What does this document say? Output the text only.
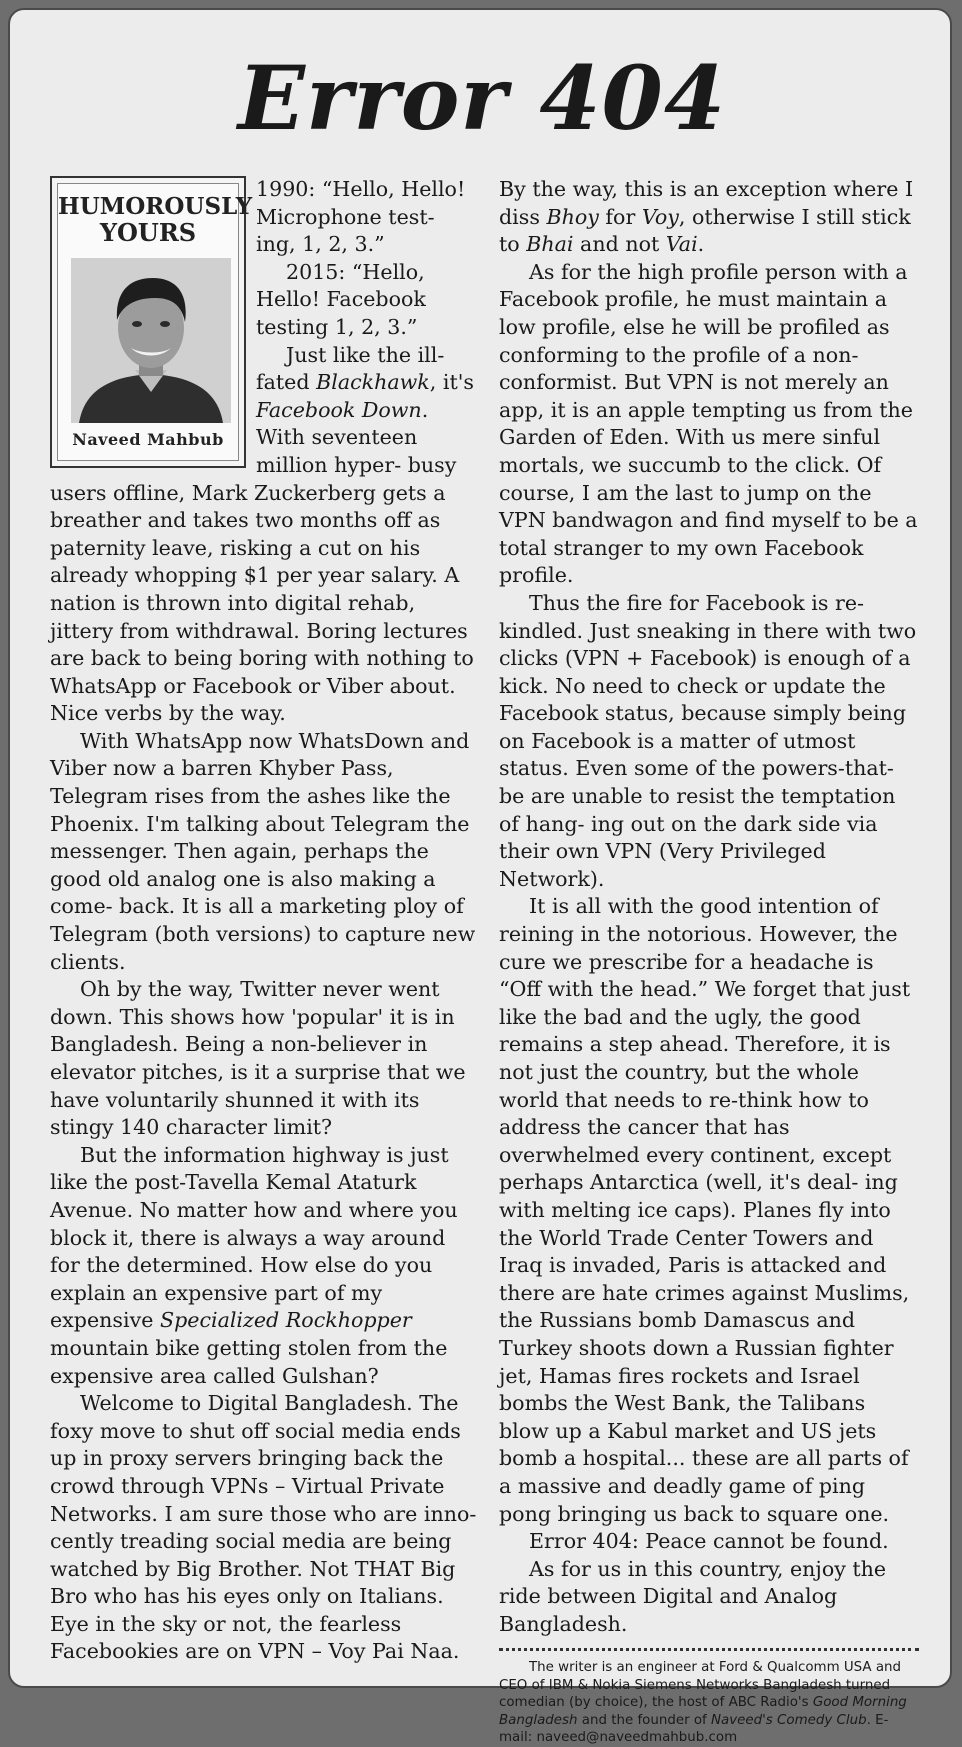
Error 404
HUMOROUSLY
YOURS
Naveed Mahbub

1990: “Hello, Hello! Microphone test- ing, 1, 2, 3.”

2015: “Hello, Hello! Facebook testing 1, 2, 3.”

Just like the ill- fated Blackhawk, it's Facebook Down. With seventeen million hyper- busy users offline, Mark Zuckerberg gets a breather and takes two months off as paternity leave, risking a cut on his already whopping $1 per year salary. A nation is thrown into digital rehab, jittery from withdrawal. Boring lectures are back to being boring with nothing to WhatsApp or Facebook or Viber about. Nice verbs by the way.

With WhatsApp now WhatsDown and Viber now a barren Khyber Pass, Telegram rises from the ashes like the Phoenix. I'm talking about Telegram the messenger. Then again, perhaps the good old analog one is also making a come- back. It is all a marketing ploy of Telegram (both versions) to capture new clients.

Oh by the way, Twitter never went down. This shows how 'popular' it is in Bangladesh. Being a non-believer in elevator pitches, is it a surprise that we have voluntarily shunned it with its stingy 140 character limit?

But the information highway is just like the post-Tavella Kemal Ataturk Avenue. No matter how and where you block it, there is always a way around for the determined. How else do you explain an expensive part of my expensive Specialized Rockhopper mountain bike getting stolen from the expensive area called Gulshan?

Welcome to Digital Bangladesh. The foxy move to shut off social media ends up in proxy servers bringing back the crowd through VPNs – Virtual Private Networks. I am sure those who are inno- cently treading social media are being watched by Big Brother. Not THAT Big Bro who has his eyes only on Italians. Eye in the sky or not, the fearless Facebookies are on VPN – Voy Pai Naa.

By the way, this is an exception where I diss Bhoy for Voy, otherwise I still stick to Bhai and not Vai.

As for the high profile person with a Facebook profile, he must maintain a low profile, else he will be profiled as conforming to the profile of a non- conformist. But VPN is not merely an app, it is an apple tempting us from the Garden of Eden. With us mere sinful mortals, we succumb to the click. Of course, I am the last to jump on the VPN bandwagon and find myself to be a total stranger to my own Facebook profile.

Thus the fire for Facebook is re- kindled. Just sneaking in there with two clicks (VPN + Facebook) is enough of a kick. No need to check or update the Facebook status, because simply being on Facebook is a matter of utmost status. Even some of the powers-that-be are unable to resist the temptation of hang- ing out on the dark side via their own VPN (Very Privileged Network).

It is all with the good intention of reining in the notorious. However, the cure we prescribe for a headache is “Off with the head.” We forget that just like the bad and the ugly, the good remains a step ahead. Therefore, it is not just the country, but the whole world that needs to re-think how to address the cancer that has overwhelmed every continent, except perhaps Antarctica (well, it's deal- ing with melting ice caps). Planes fly into the World Trade Center Towers and Iraq is invaded, Paris is attacked and there are hate crimes against Muslims, the Russians bomb Damascus and Turkey shoots down a Russian fighter jet, Hamas fires rockets and Israel bombs the West Bank, the Talibans blow up a Kabul market and US jets bomb a hospital... these are all parts of a massive and deadly game of ping pong bringing us back to square one.

Error 404: Peace cannot be found.

As for us in this country, enjoy the ride between Digital and Analog Bangladesh.

The writer is an engineer at Ford & Qualcomm USA and CEO of IBM & Nokia Siemens Networks Bangladesh turned comedian (by choice), the host of ABC Radio's Good Morning Bangladesh and the founder of Naveed's Comedy Club. E-mail: naveed@naveedmahbub.com
